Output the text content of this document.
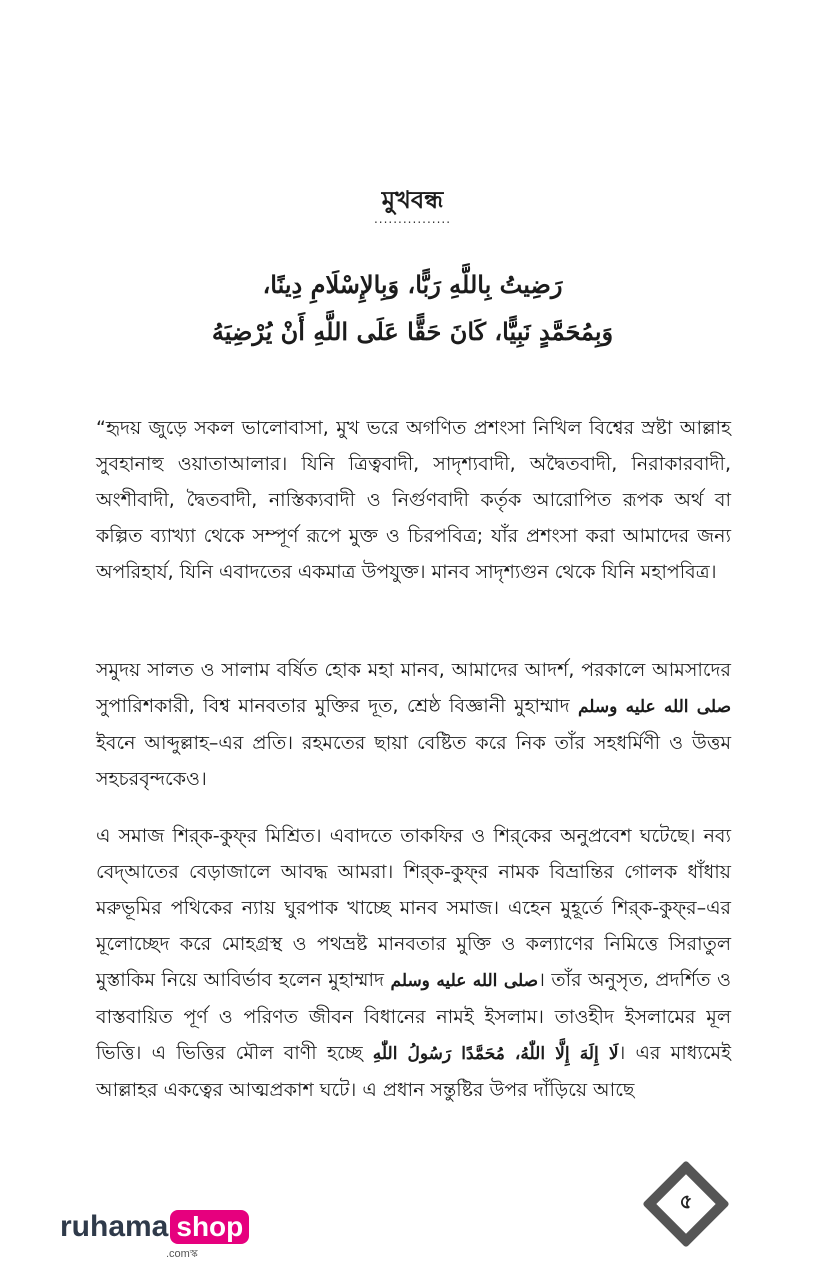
মুখবন্ধ
................
رَضِيتُ بِاللَّهِ رَبًّا، وَبِالإِسْلَامِ دِينًا،
وَبِمُحَمَّدٍ نَبِيًّا، كَانَ حَقًّا عَلَى اللَّهِ أَنْ يُرْضِيَهُ

“হৃদয় জুড়ে সকল ভালোবাসা, মুখ ভরে অগণিত প্রশংসা নিখিল বিশ্বের স্রষ্টা আল্লাহ সুবহানাহু ওয়াতাআলার। যিনি ত্রিত্ববাদী, সাদৃশ্যবাদী, অদ্বৈতবাদী, নিরাকারবাদী, অংশীবাদী, দ্বৈতবাদী, নাস্তিক্যবাদী ও নির্গুণবাদী কর্তৃক আরোপিত রূপক অর্থ বা কল্পিত ব্যাখ্যা থেকে সম্পূর্ণ রূপে মুক্ত ও চিরপবিত্র; যাঁর প্রশংসা করা আমাদের জন্য অপরিহার্য, যিনি এবাদতের একমাত্র উপযুক্ত। মানব সাদৃশ্যগুন থেকে যিনি মহাপবিত্র।

সমুদয় সালত ও সালাম বর্ষিত হোক মহা মানব, আমাদের আদর্শ, পরকালে আমসাদের সুপারিশকারী, বিশ্ব মানবতার মুক্তির দূত, শ্রেষ্ঠ বিজ্ঞানী মুহাম্মাদ صلى الله عليه وسلم ইবনে আব্দুল্লাহ–এর প্রতি। রহমতের ছায়া বেষ্টিত করে নিক তাঁর সহধর্মিণী ও উত্তম সহচরবৃন্দকেও।

এ সমাজ শির্‌ক-কুফ্‌র মিশ্রিত। এবাদতে তাকফির ও শির্‌কের অনুপ্রবেশ ঘটেছে। নব্য বেদ্‌আতের বেড়াজালে আবদ্ধ আমরা। শির্‌ক-কুফ্‌র নামক বিভ্রান্তির গোলক ধাঁধায় মরুভূমির পথিকের ন্যায় ঘুরপাক খাচ্ছে মানব সমাজ। এহেন মুহূর্তে শির্‌ক-কুফ্‌র–এর মূলোচ্ছেদ করে মোহগ্রস্থ ও পথভ্রষ্ট মানবতার মুক্তি ও কল্যাণের নিমিত্তে সিরাতুল মুস্তাকিম নিয়ে আবির্ভাব হলেন মুহাম্মাদ صلى الله عليه وسلم। তাঁর অনুসৃত, প্রদর্শিত ও বাস্তবায়িত পূর্ণ ও পরিণত জীবন বিধানের নামই ইসলাম। তাওহীদ ইসলামের মূল ভিত্তি। এ ভিত্তির মৌল বাণী হচ্ছে لَا إِلَهَ إِلَّا اللّٰهُ، مُحَمَّدًا رَسُولُ اللّٰهِ। এর মাধ্যমেই আল্লাহর একত্বের আত্মপ্রকাশ ঘটে। এ প্রধান সন্তুষ্টির উপর দাঁড়িয়ে আছে

৫
ruhama shop
.comস্ক
